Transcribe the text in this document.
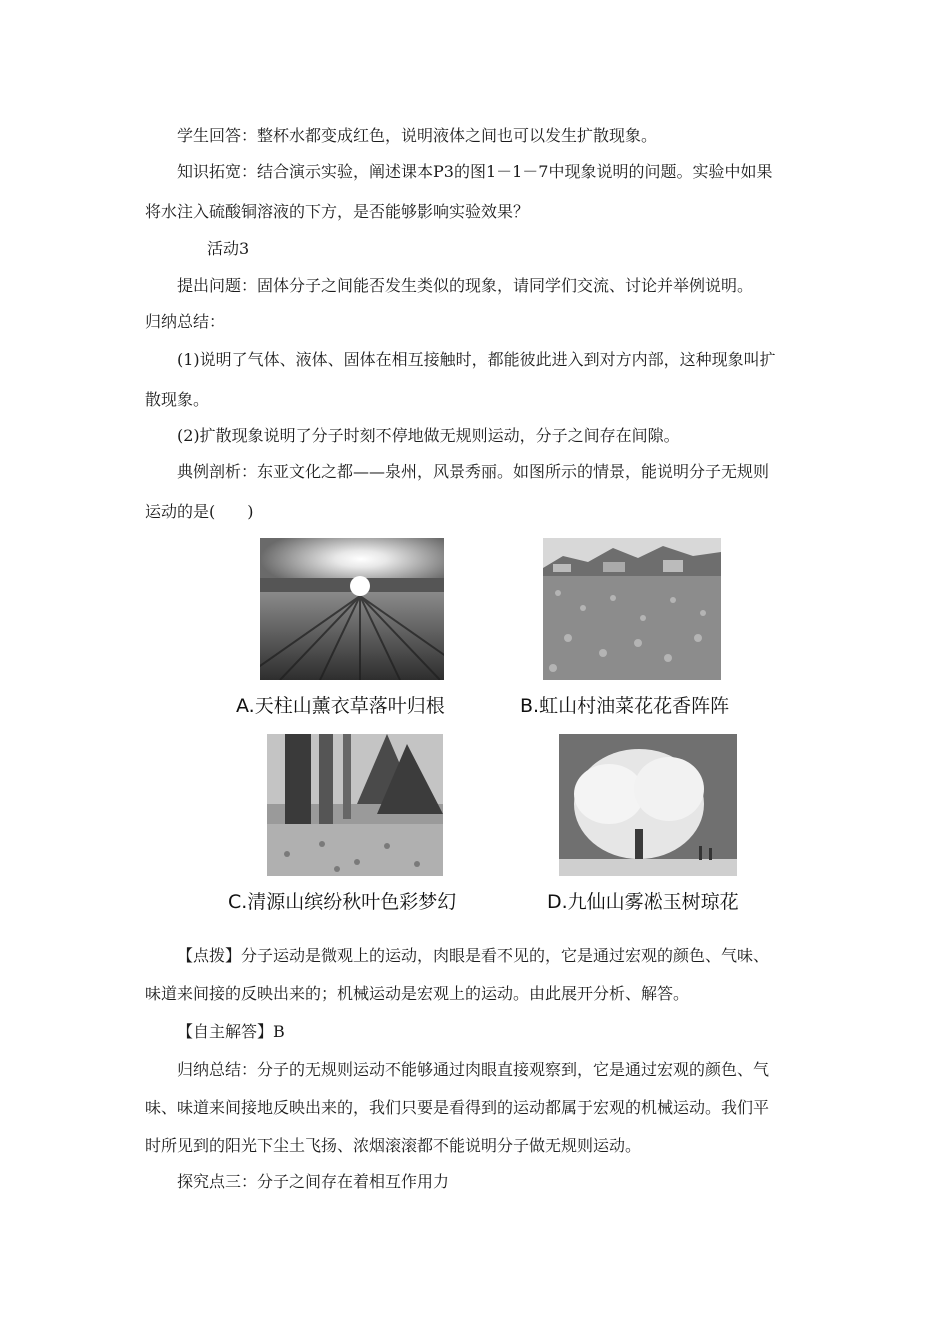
学生回答：整杯水都变成红色，说明液体之间也可以发生扩散现象。

知识拓宽：结合演示实验，阐述课本P3的图1－1－7中现象说明的问题。实验中如果

将水注入硫酸铜溶液的下方，是否能够影响实验效果？

活动3

提出问题：固体分子之间能否发生类似的现象，请同学们交流、讨论并举例说明。

归纳总结：

(1)说明了气体、液体、固体在相互接触时，都能彼此进入到对方内部，这种现象叫扩

散现象。

(2)扩散现象说明了分子时刻不停地做无规则运动，分子之间存在间隙。

典例剖析：东亚文化之都——泉州，风景秀丽。如图所示的情景，能说明分子无规则

运动的是(　　)

A.天柱山薰衣草落叶归根	B.虹山村油菜花花香阵阵
C.清源山缤纷秋叶色彩梦幻	D.九仙山雾凇玉树琼花

【点拨】分子运动是微观上的运动，肉眼是看不见的，它是通过宏观的颜色、气味、

味道来间接的反映出来的；机械运动是宏观上的运动。由此展开分析、解答。

【自主解答】B

归纳总结：分子的无规则运动不能够通过肉眼直接观察到，它是通过宏观的颜色、气

味、味道来间接地反映出来的，我们只要是看得到的运动都属于宏观的机械运动。我们平

时所见到的阳光下尘土飞扬、浓烟滚滚都不能说明分子做无规则运动。

探究点三：分子之间存在着相互作用力
